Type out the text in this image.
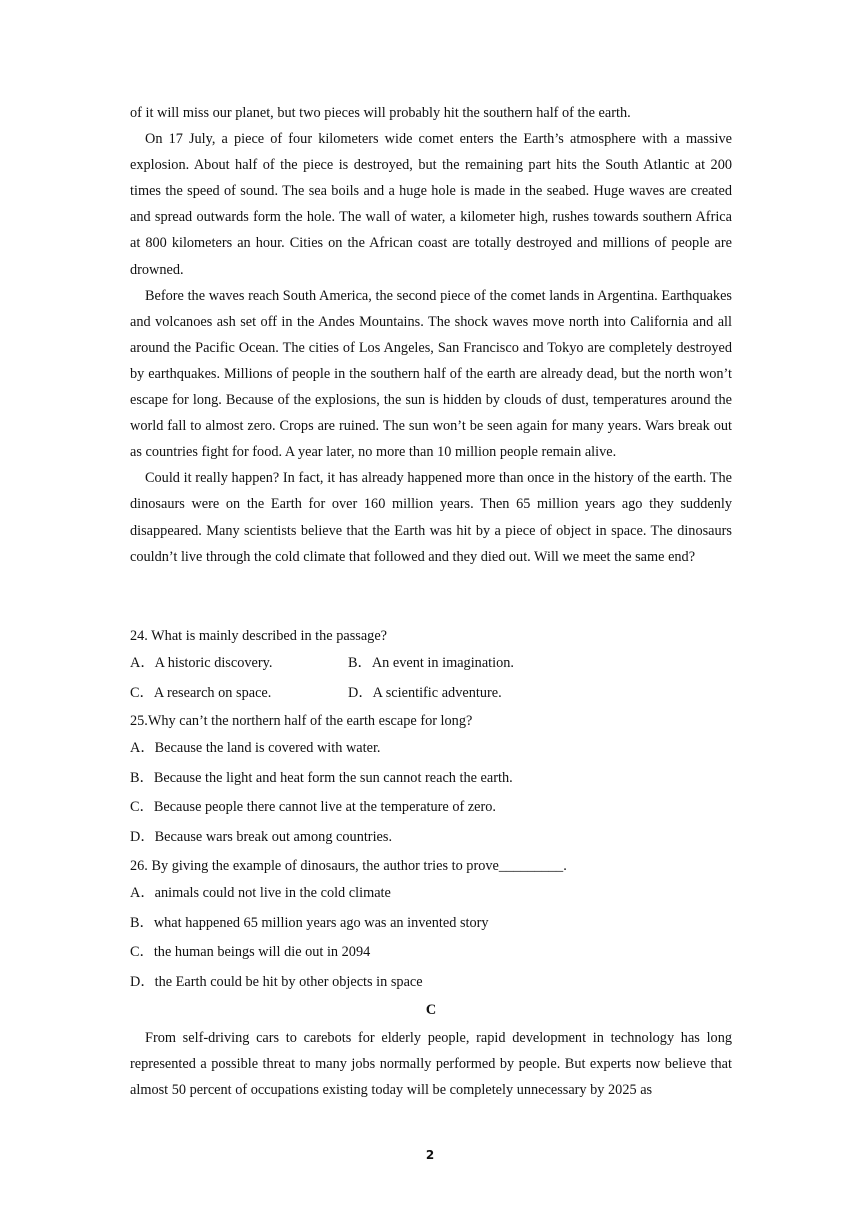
of it will miss our planet, but two pieces will probably hit the southern half of the earth.

On 17 July, a piece of four kilometers wide comet enters the Earth’s atmosphere with a massive explosion. About half of the piece is destroyed, but the remaining part hits the South Atlantic at 200 times the speed of sound. The sea boils and a huge hole is made in the seabed. Huge waves are created and spread outwards form the hole. The wall of water, a kilometer high, rushes towards southern Africa at 800 kilometers an hour. Cities on the African coast are totally destroyed and millions of people are drowned.

Before the waves reach South America, the second piece of the comet lands in Argentina. Earthquakes and volcanoes ash set off in the Andes Mountains. The shock waves move north into California and all around the Pacific Ocean. The cities of Los Angeles, San Francisco and Tokyo are completely destroyed by earthquakes. Millions of people in the southern half of the earth are already dead, but the north won’t escape for long. Because of the explosions, the sun is hidden by clouds of dust, temperatures around the world fall to almost zero. Crops are ruined. The sun won’t be seen again for many years. Wars break out as countries fight for food. A year later, no more than 10 million people remain alive.

Could it really happen? In fact, it has already happened more than once in the history of the earth. The dinosaurs were on the Earth for over 160 million years. Then 65 million years ago they suddenly disappeared. Many scientists believe that the Earth was hit by a piece of object in space. The dinosaurs couldn’t live through the cold climate that followed and they died out. Will we meet the same end?

24. What is mainly described in the passage?

A．A historic discovery.	B．An event in imagination.
C．A research on space.	D．A scientific adventure.

25.Why can’t the northern half of the earth escape for long?

A．Because the land is covered with water.

B．Because the light and heat form the sun cannot reach the earth.

C．Because people there cannot live at the temperature of zero.

D．Because wars break out among countries.

26. By giving the example of dinosaurs, the author tries to prove_________.

A．animals could not live in the cold climate

B．what happened 65 million years ago was an invented story

C．the human beings will die out in 2094

D．the Earth could be hit by other objects in space

C

From self-driving cars to carebots for elderly people, rapid development in technology has long represented a possible threat to many jobs normally performed by people. But experts now believe that almost 50 percent of occupations existing today will be completely unnecessary by 2025 as

2
